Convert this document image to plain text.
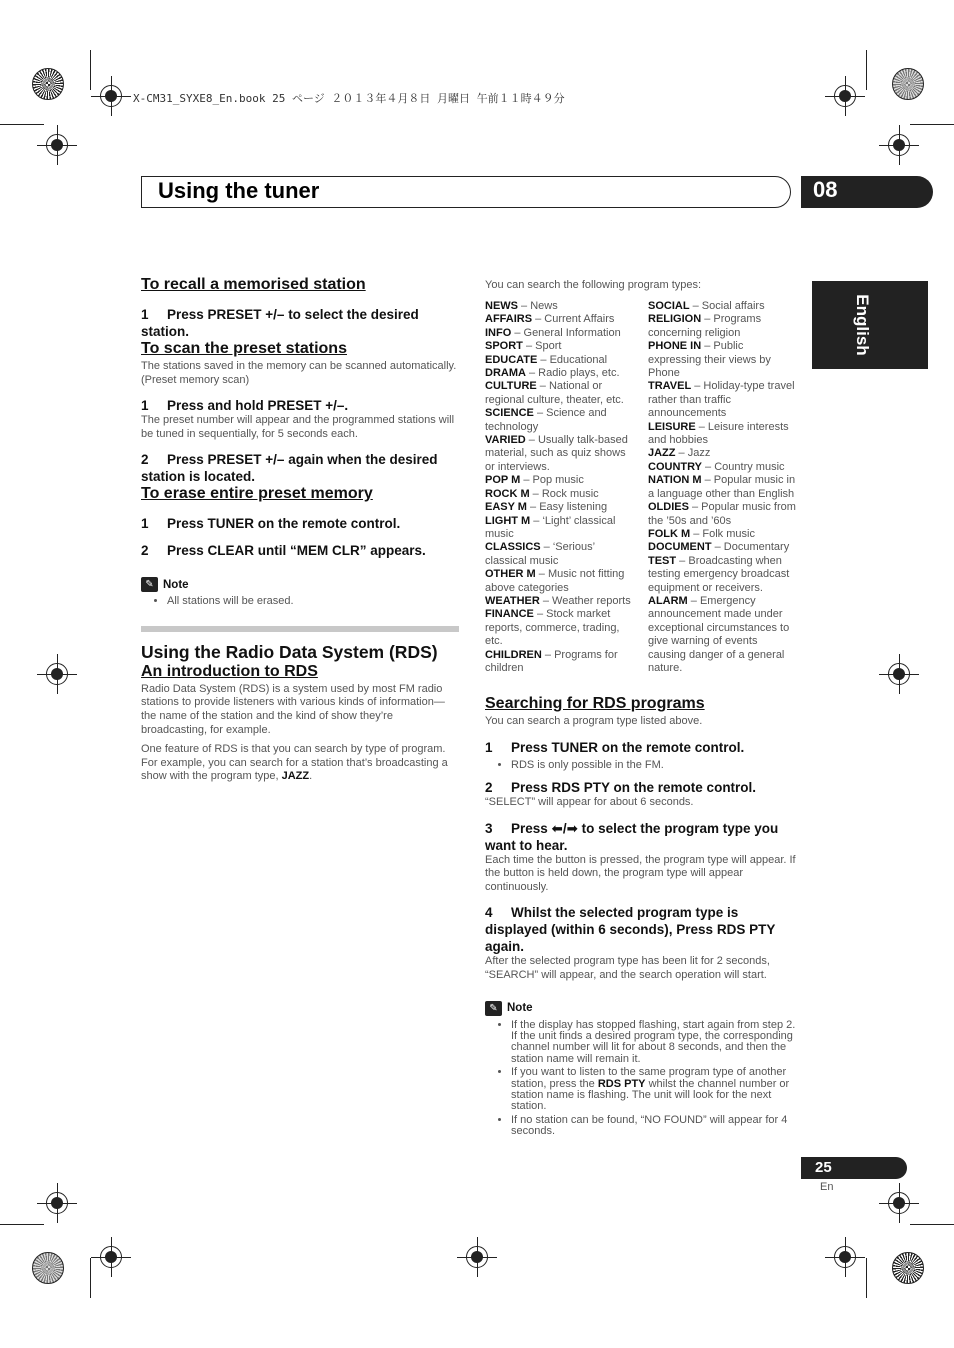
X-CM31_SYXE8_En.book 25 ページ ２０１３年４月８日 月曜日 午前１１時４９分
Using the tuner	08
English
To recall a memorised station
1 Press PRESET +/– to select the desired station.
To scan the preset stations
The stations saved in the memory can be scanned automatically. (Preset memory scan)
1 Press and hold PRESET +/–.
The preset number will appear and the programmed stations will be tuned in sequentially, for 5 seconds each.
2 Press PRESET +/– again when the desired station is located.
To erase entire preset memory
1 Press TUNER on the remote control.
2 Press CLEAR until “MEM CLR” appears.
✎ Note
• All stations will be erased.
Using the Radio Data System (RDS)
An introduction to RDS
Radio Data System (RDS) is a system used by most FM radio stations to provide listeners with various kinds of information—the name of the station and the kind of show they’re broadcasting, for example.
One feature of RDS is that you can search by type of program. For example, you can search for a station that’s broadcasting a show with the program type, JAZZ.
You can search the following program types:
NEWS – News
AFFAIRS – Current Affairs
INFO – General Information
SPORT – Sport
EDUCATE – Educational
DRAMA – Radio plays, etc.
CULTURE – National or regional culture, theater, etc.
SCIENCE – Science and technology
VARIED – Usually talk-based material, such as quiz shows or interviews.
POP M – Pop music
ROCK M – Rock music
EASY M – Easy listening
LIGHT M – ‘Light’ classical music
CLASSICS – ‘Serious’ classical music
OTHER M – Music not fitting above categories
WEATHER – Weather reports
FINANCE – Stock market reports, commerce, trading, etc.
CHILDREN – Programs for children
SOCIAL – Social affairs
RELIGION – Programs concerning religion
PHONE IN – Public expressing their views by Phone
TRAVEL – Holiday-type travel rather than traffic announcements
LEISURE – Leisure interests and hobbies
JAZZ – Jazz
COUNTRY – Country music
NATION M – Popular music in a language other than English
OLDIES – Popular music from the ’50s and ’60s
FOLK M – Folk music
DOCUMENT – Documentary
TEST – Broadcasting when testing emergency broadcast equipment or receivers.
ALARM – Emergency announcement made under exceptional circumstances to give warning of events causing danger of a general nature.
Searching for RDS programs
You can search a program type listed above.
1 Press TUNER on the remote control.
• RDS is only possible in the FM.
2 Press RDS PTY on the remote control.
“SELECT” will appear for about 6 seconds.
3 Press ⬅/➡ to select the program type you want to hear.
Each time the button is pressed, the program type will appear. If the button is held down, the program type will appear continuously.
4 Whilst the selected program type is displayed (within 6 seconds), Press RDS PTY again.
After the selected program type has been lit for 2 seconds, “SEARCH” will appear, and the search operation will start.
✎ Note
• If the display has stopped flashing, start again from step 2. If the unit finds a desired program type, the corresponding channel number will lit for about 8 seconds, and then the station name will remain it.
• If you want to listen to the same program type of another station, press the RDS PTY whilst the channel number or station name is flashing. The unit will look for the next station.
• If no station can be found, “NO FOUND” will appear for 4 seconds.
25
En
